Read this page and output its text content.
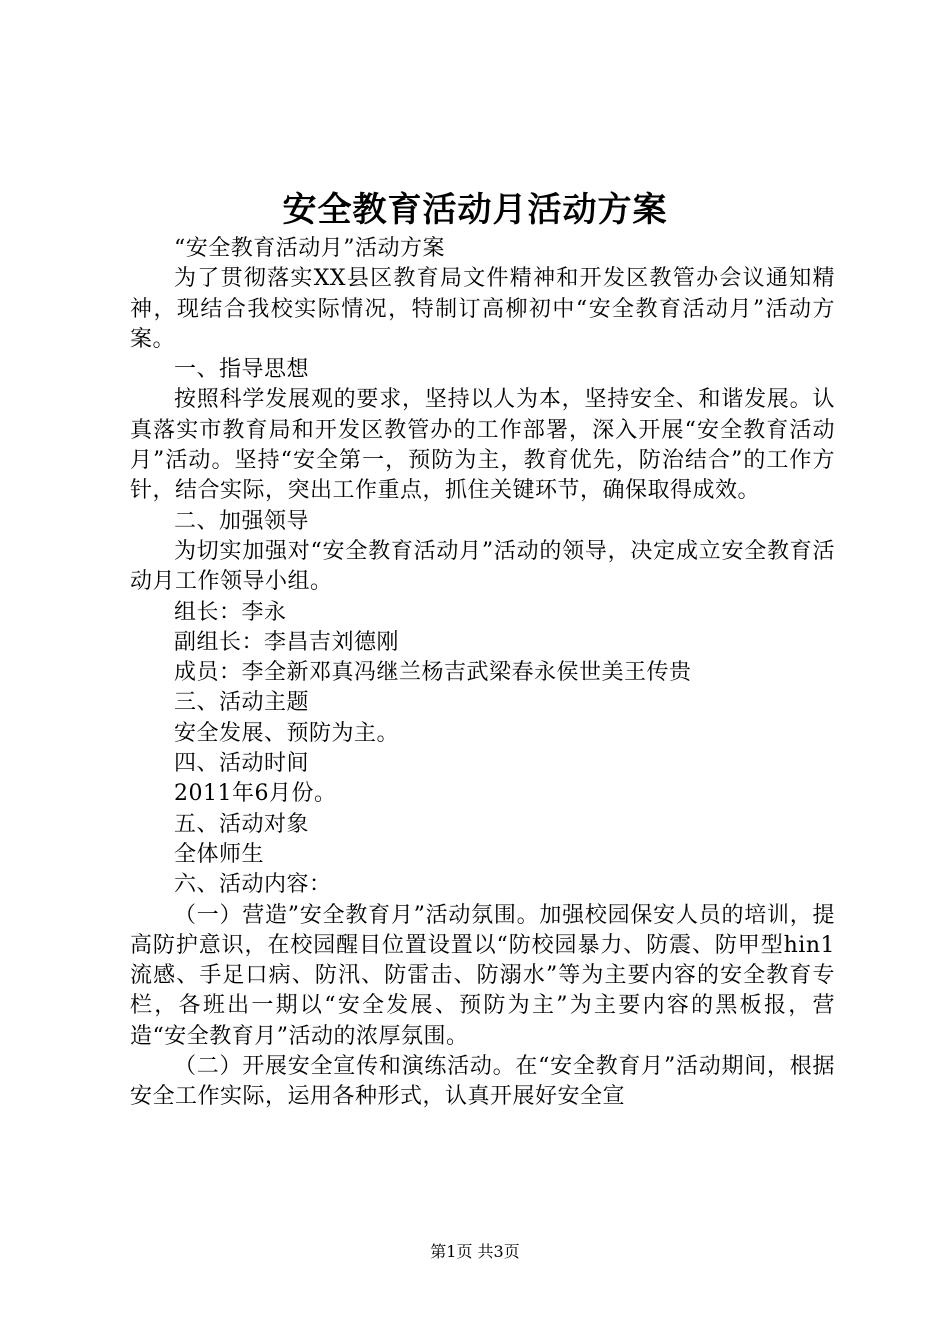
安全教育活动月活动方案

“安全教育活动月”活动方案

为了贯彻落实XX县区教育局文件精神和开发区教管办会议通知精神，现结合我校实际情况，特制订高柳初中“安全教育活动月”活动方案。

一、指导思想

按照科学发展观的要求，坚持以人为本，坚持安全、和谐发展。认真落实市教育局和开发区教管办的工作部署，深入开展“安全教育活动月”活动。坚持“安全第一，预防为主，教育优先，防治结合”的工作方针，结合实际，突出工作重点，抓住关键环节，确保取得成效。

二、加强领导

为切实加强对“安全教育活动月”活动的领导，决定成立安全教育活动月工作领导小组。

组长：李永

副组长：李昌吉刘德刚

成员：李全新邓真冯继兰杨吉武梁春永侯世美王传贵

三、活动主题

安全发展、预防为主。

四、活动时间

2011年6月份。

五、活动对象

全体师生

六、活动内容：

（一）营造”安全教育月”活动氛围。加强校园保安人员的培训，提高防护意识，在校园醒目位置设置以“防校园暴力、防震、防甲型hin1流感、手足口病、防汛、防雷击、防溺水”等为主要内容的安全教育专栏，各班出一期以“安全发展、预防为主”为主要内容的黑板报，营造“安全教育月”活动的浓厚氛围。

（二）开展安全宣传和演练活动。在“安全教育月”活动期间，根据安全工作实际，运用各种形式，认真开展好安全宣

第1页 共3页
